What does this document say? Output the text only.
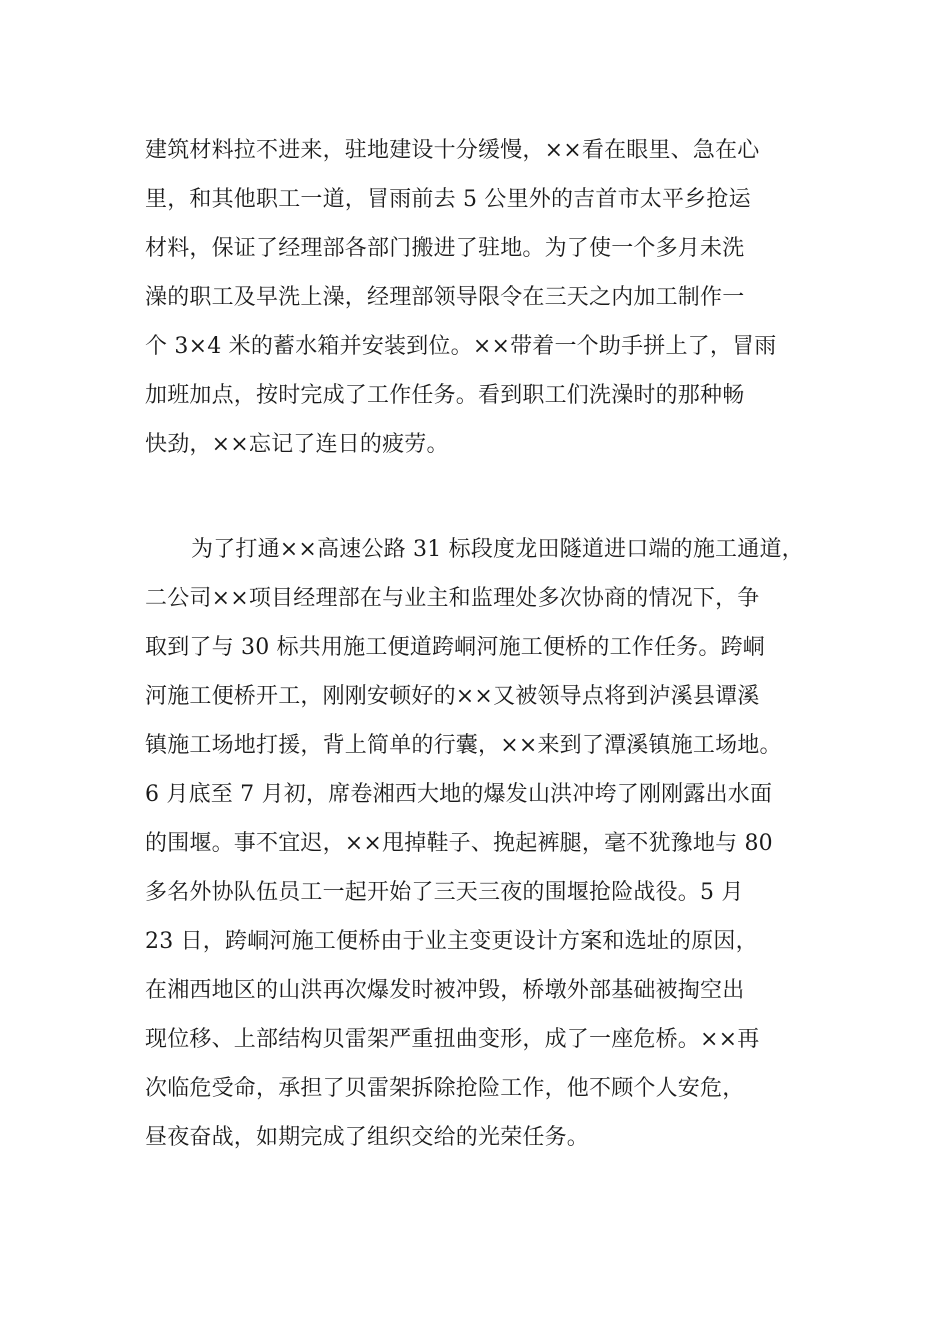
建筑材料拉不进来，驻地建设十分缓慢，××看在眼里、急在心
里，和其他职工一道，冒雨前去 5 公里外的吉首市太平乡抢运
材料，保证了经理部各部门搬进了驻地。为了使一个多月未洗
澡的职工及早洗上澡，经理部领导限令在三天之内加工制作一
个 3×4 米的蓄水箱并安装到位。××带着一个助手拼上了，冒雨
加班加点，按时完成了工作任务。看到职工们洗澡时的那种畅
快劲，××忘记了连日的疲劳。
为了打通××高速公路 31 标段度龙田隧道进口端的施工通道，
二公司××项目经理部在与业主和监理处多次协商的情况下，争
取到了与 30 标共用施工便道跨峒河施工便桥的工作任务。跨峒
河施工便桥开工，刚刚安顿好的××又被领导点将到泸溪县谭溪
镇施工场地打援，背上简单的行囊，××来到了潭溪镇施工场地。
6 月底至 7 月初，席卷湘西大地的爆发山洪冲垮了刚刚露出水面
的围堰。事不宜迟，××甩掉鞋子、挽起裤腿，毫不犹豫地与 80
多名外协队伍员工一起开始了三天三夜的围堰抢险战役。5 月
23 日，跨峒河施工便桥由于业主变更设计方案和选址的原因，
在湘西地区的山洪再次爆发时被冲毁，桥墩外部基础被掏空出
现位移、上部结构贝雷架严重扭曲变形，成了一座危桥。××再
次临危受命，承担了贝雷架拆除抢险工作，他不顾个人安危，
昼夜奋战，如期完成了组织交给的光荣任务。
